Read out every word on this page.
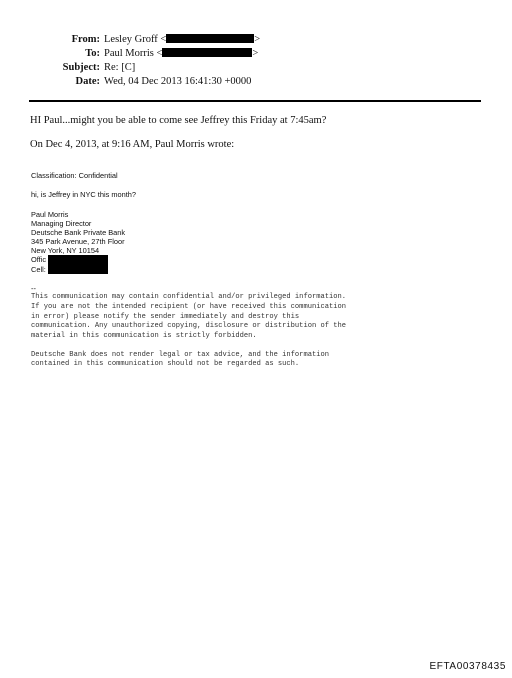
From: Lesley Groff <	>
To: Paul Morris <	>
Subject: Re: [C]
Date: Wed, 04 Dec 2013 16:41:30 +0000
HI Paul...might you be able to come see Jeffrey this Friday at 7:45am?
On Dec 4, 2013, at 9:16 AM, Paul Morris wrote:
Classification: Confidential
hi, is Jeffrey in NYC this month?
Paul Morris
Managing Director
Deutsche Bank Private Bank
345 Park Avenue, 27th Floor
New York, NY 10154
Offic
Cell:
--
This communication may contain confidential and/or privileged information.
If you are not the intended recipient (or have received this communication
in error) please notify the sender immediately and destroy this
communication. Any unauthorized copying, disclosure or distribution of the
material in this communication is strictly forbidden.
Deutsche Bank does not render legal or tax advice, and the information
contained in this communication should not be regarded as such.
EFTA00378435
